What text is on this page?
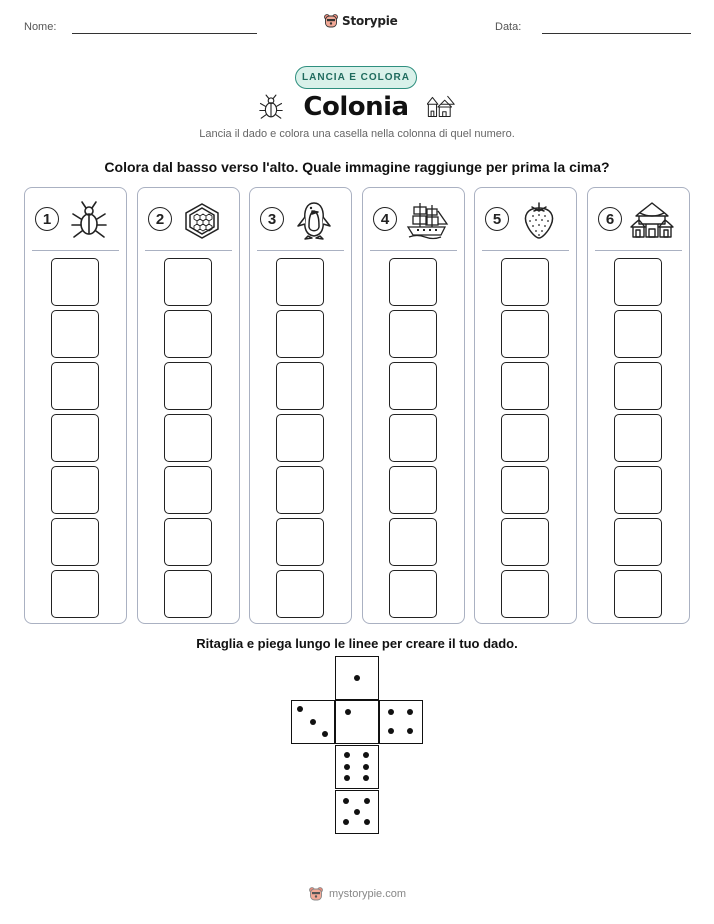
Nome:	Storypie	Data:
LANCIA E COLORA
Colonia
Lancia il dado e colora una casella nella colonna di quel numero.
Colora dal basso verso l'alto. Quale immagine raggiunge per prima la cima?
1	2	3	4	5	6
Ritaglia e piega lungo le linee per creare il tuo dado.
mystorypie.com
